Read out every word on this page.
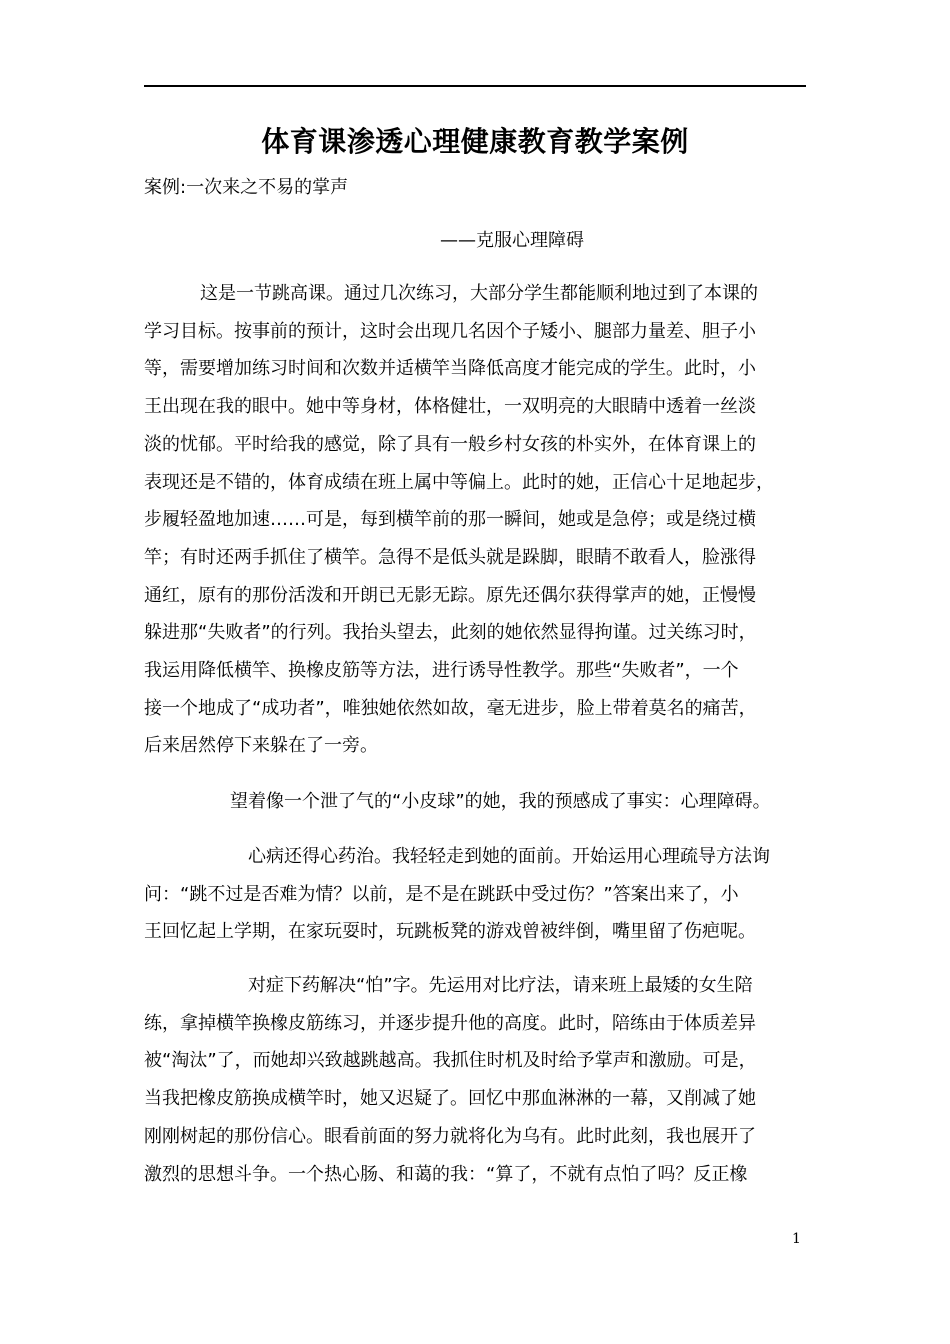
体育课渗透心理健康教育教学案例
案例:一次来之不易的掌声
——克服心理障碍

这是一节跳高课。通过几次练习，大部分学生都能顺利地过到了本课的
学习目标。按事前的预计，这时会出现几名因个子矮小、腿部力量差、胆子小
等，需要增加练习时间和次数并适横竿当降低高度才能完成的学生。此时，小
王出现在我的眼中。她中等身材，体格健壮，一双明亮的大眼睛中透着一丝淡
淡的忧郁。平时给我的感觉，除了具有一般乡村女孩的朴实外，在体育课上的
表现还是不错的，体育成绩在班上属中等偏上。此时的她，正信心十足地起步，
步履轻盈地加速……可是，每到横竿前的那一瞬间，她或是急停；或是绕过横
竿；有时还两手抓住了横竿。急得不是低头就是跺脚，眼睛不敢看人，脸涨得
通红，原有的那份活泼和开朗已无影无踪。原先还偶尔获得掌声的她，正慢慢
躲进那“失败者”的行列。我抬头望去，此刻的她依然显得拘谨。过关练习时，
我运用降低横竿、换橡皮筋等方法，进行诱导性教学。那些“失败者”，一个
接一个地成了“成功者”，唯独她依然如故，毫无进步，脸上带着莫名的痛苦，
后来居然停下来躲在了一旁。

望着像一个泄了气的“小皮球”的她，我的预感成了事实：心理障碍。

心病还得心药治。我轻轻走到她的面前。开始运用心理疏导方法询
问：“跳不过是否难为情？以前，是不是在跳跃中受过伤？”答案出来了，小
王回忆起上学期，在家玩耍时，玩跳板凳的游戏曾被绊倒，嘴里留了伤疤呢。

对症下药解决“怕”字。先运用对比疗法，请来班上最矮的女生陪
练，拿掉横竿换橡皮筋练习，并逐步提升他的高度。此时，陪练由于体质差异
被“淘汰”了，而她却兴致越跳越高。我抓住时机及时给予掌声和激励。可是，
当我把橡皮筋换成横竿时，她又迟疑了。回忆中那血淋淋的一幕，又削减了她
刚刚树起的那份信心。眼看前面的努力就将化为乌有。此时此刻，我也展开了
激烈的思想斗争。一个热心肠、和蔼的我：“算了，不就有点怕了吗？反正橡

1
